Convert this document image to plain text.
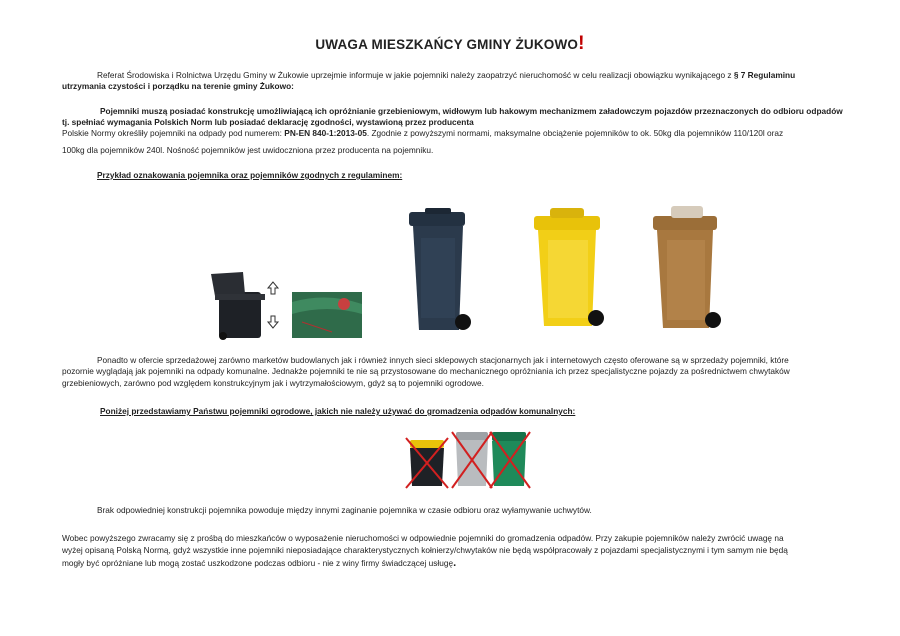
UWAGA MIESZKAŃCY GMINY ŻUKOWO!
Referat Środowiska i Rolnictwa Urzędu Gminy w Żukowie uprzejmie informuje w jakie pojemniki należy zaopatrzyć nieruchomość w celu realizacji obowiązku wynikającego z § 7 Regulaminu
utrzymania czystości i porządku na terenie gminy Żukowo:
Pojemniki muszą posiadać konstrukcję umożliwiającą ich opróżnianie grzebieniowym, widłowym lub hakowym mechanizmem załadowczym pojazdów przeznaczonych do odbioru odpadów
tj. spełniać wymagania Polskich Norm lub posiadać deklarację zgodności, wystawioną przez producenta
Polskie Normy określiły pojemniki na odpady pod numerem: PN-EN 840-1:2013-05. Zgodnie z powyższymi normami, maksymalne obciążenie pojemników to ok. 50kg dla pojemników 110/120l oraz
100kg dla pojemników 240l. Nośność pojemników jest uwidoczniona przez producenta na pojemniku.
Przykład oznakowania pojemnika oraz pojemników zgodnych z regulaminem:
Ponadto w ofercie sprzedażowej zarówno marketów budowlanych jak i również innych sieci sklepowych stacjonarnych jak i internetowych często oferowane są w sprzedaży pojemniki, które
pozornie wyglądają jak pojemniki na odpady komunalne. Jednakże pojemniki te nie są przystosowane do mechanicznego opróżniania ich przez specjalistyczne pojazdy za pośrednictwem chwytaków
grzebieniowych, zarówno pod względem konstrukcyjnym jak i wytrzymałościowym, gdyż są to pojemniki ogrodowe.
Poniżej przedstawiamy Państwu pojemniki ogrodowe, jakich nie należy używać do gromadzenia odpadów komunalnych:
Brak odpowiedniej konstrukcji pojemnika powoduje między innymi zaginanie pojemnika w czasie odbioru oraz wyłamywanie uchwytów.
Wobec powyższego zwracamy się z prośbą do mieszkańców o wyposażenie nieruchomości w odpowiednie pojemniki do gromadzenia odpadów. Przy zakupie pojemników należy zwrócić uwagę na
wyżej opisaną Polską Normą, gdyż wszystkie inne pojemniki nieposiadające charakterystycznych kołnierzy/chwytaków nie będą współpracowały z pojazdami specjalistycznymi i tym samym nie będą
mogły być opróżniane lub mogą zostać uszkodzone podczas odbioru - nie z winy firmy świadczącej usługę.
